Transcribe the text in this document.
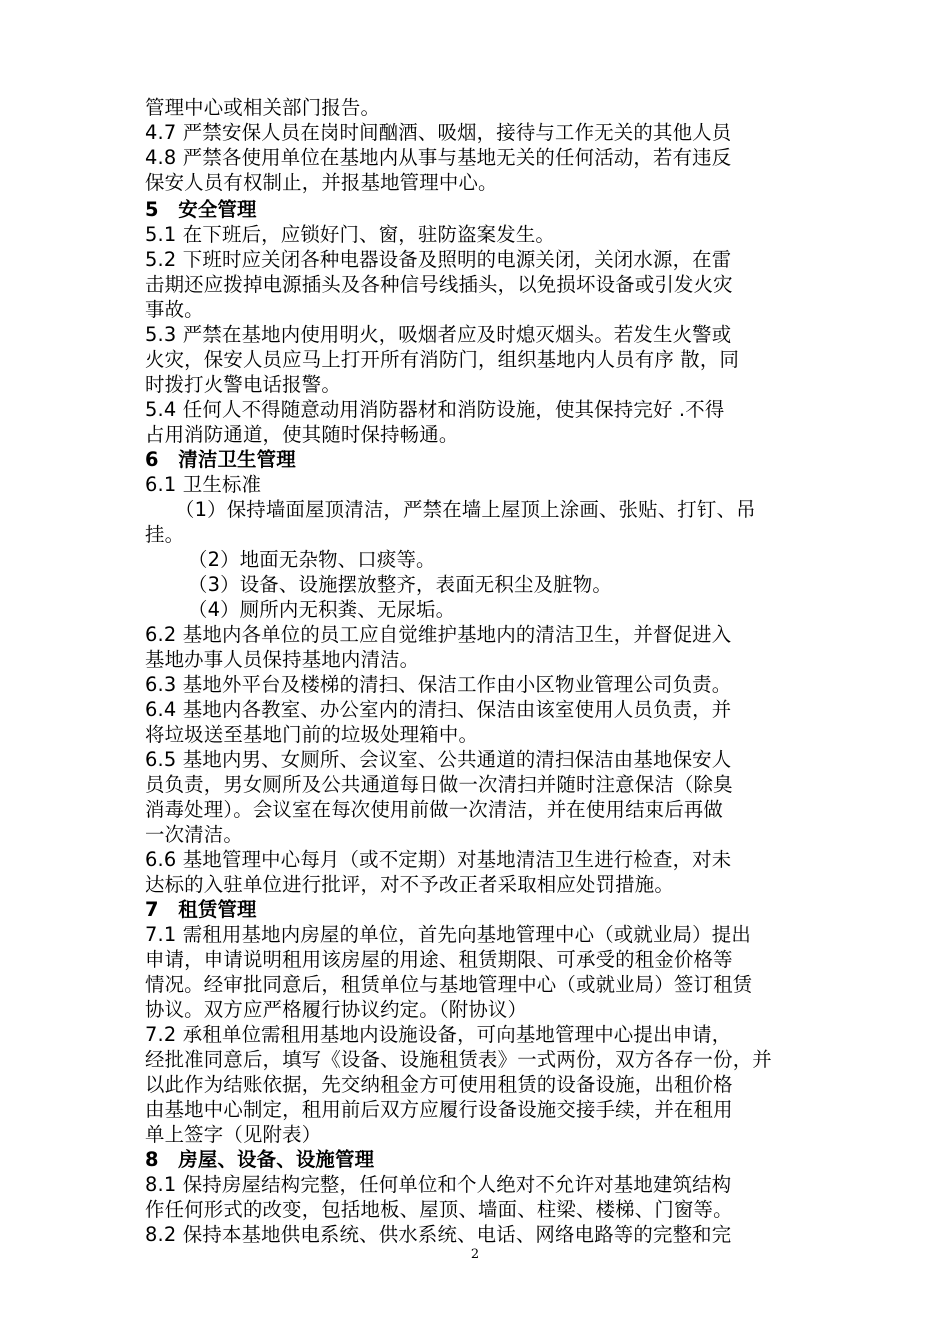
管理中心或相关部门报告。
4.7 严禁安保人员在岗时间酗酒、吸烟，接待与工作无关的其他人员
4.8 严禁各使用单位在基地内从事与基地无关的任何活动，若有违反
保安人员有权制止，并报基地管理中心。
5　安全管理
5.1 在下班后，应锁好门、窗，驻防盗案发生。
5.2 下班时应关闭各种电器设备及照明的电源关闭，关闭水源，在雷
击期还应拨掉电源插头及各种信号线插头，以免损坏设备或引发火灾
事故。
5.3 严禁在基地内使用明火，吸烟者应及时熄灭烟头。若发生火警或
火灾，保安人员应马上打开所有消防门，组织基地内人员有序 散，同
时拨打火警电话报警。
5.4 任何人不得随意动用消防器材和消防设施，使其保持完好 .不得
占用消防通道，使其随时保持畅通。
6　清洁卫生管理
6.1 卫生标准
（1）保持墙面屋顶清洁，严禁在墙上屋顶上涂画、张贴、打钉、吊
挂。
（2）地面无杂物、口痰等。
（3）设备、设施摆放整齐，表面无积尘及脏物。
（4）厕所内无积粪、无尿垢。
6.2 基地内各单位的员工应自觉维护基地内的清洁卫生，并督促进入
基地办事人员保持基地内清洁。
6.3 基地外平台及楼梯的清扫、保洁工作由小区物业管理公司负责。
6.4 基地内各教室、办公室内的清扫、保洁由该室使用人员负责，并
将垃圾送至基地门前的垃圾处理箱中。
6.5 基地内男、女厕所、会议室、公共通道的清扫保洁由基地保安人
员负责，男女厕所及公共通道每日做一次清扫并随时注意保洁（除臭
消毒处理）。会议室在每次使用前做一次清洁，并在使用结束后再做
一次清洁。
6.6 基地管理中心每月（或不定期）对基地清洁卫生进行检查，对未
达标的入驻单位进行批评，对不予改正者采取相应处罚措施。
7　租赁管理
7.1 需租用基地内房屋的单位，首先向基地管理中心（或就业局）提出
申请，申请说明租用该房屋的用途、租赁期限、可承受的租金价格等
情况。经审批同意后，租赁单位与基地管理中心（或就业局）签订租赁
协议。双方应严格履行协议约定。（附协议）
7.2 承租单位需租用基地内设施设备，可向基地管理中心提出申请，
经批准同意后，填写《设备、设施租赁表》一式两份，双方各存一份，并
以此作为结账依据，先交纳租金方可使用租赁的设备设施，出租价格
由基地中心制定，租用前后双方应履行设备设施交接手续，并在租用
单上签字（见附表）
8　房屋、设备、设施管理
8.1 保持房屋结构完整，任何单位和个人绝对不允许对基地建筑结构
作任何形式的改变，包括地板、屋顶、墙面、柱梁、楼梯、门窗等。
8.2 保持本基地供电系统、供水系统、电话、网络电路等的完整和完
2
